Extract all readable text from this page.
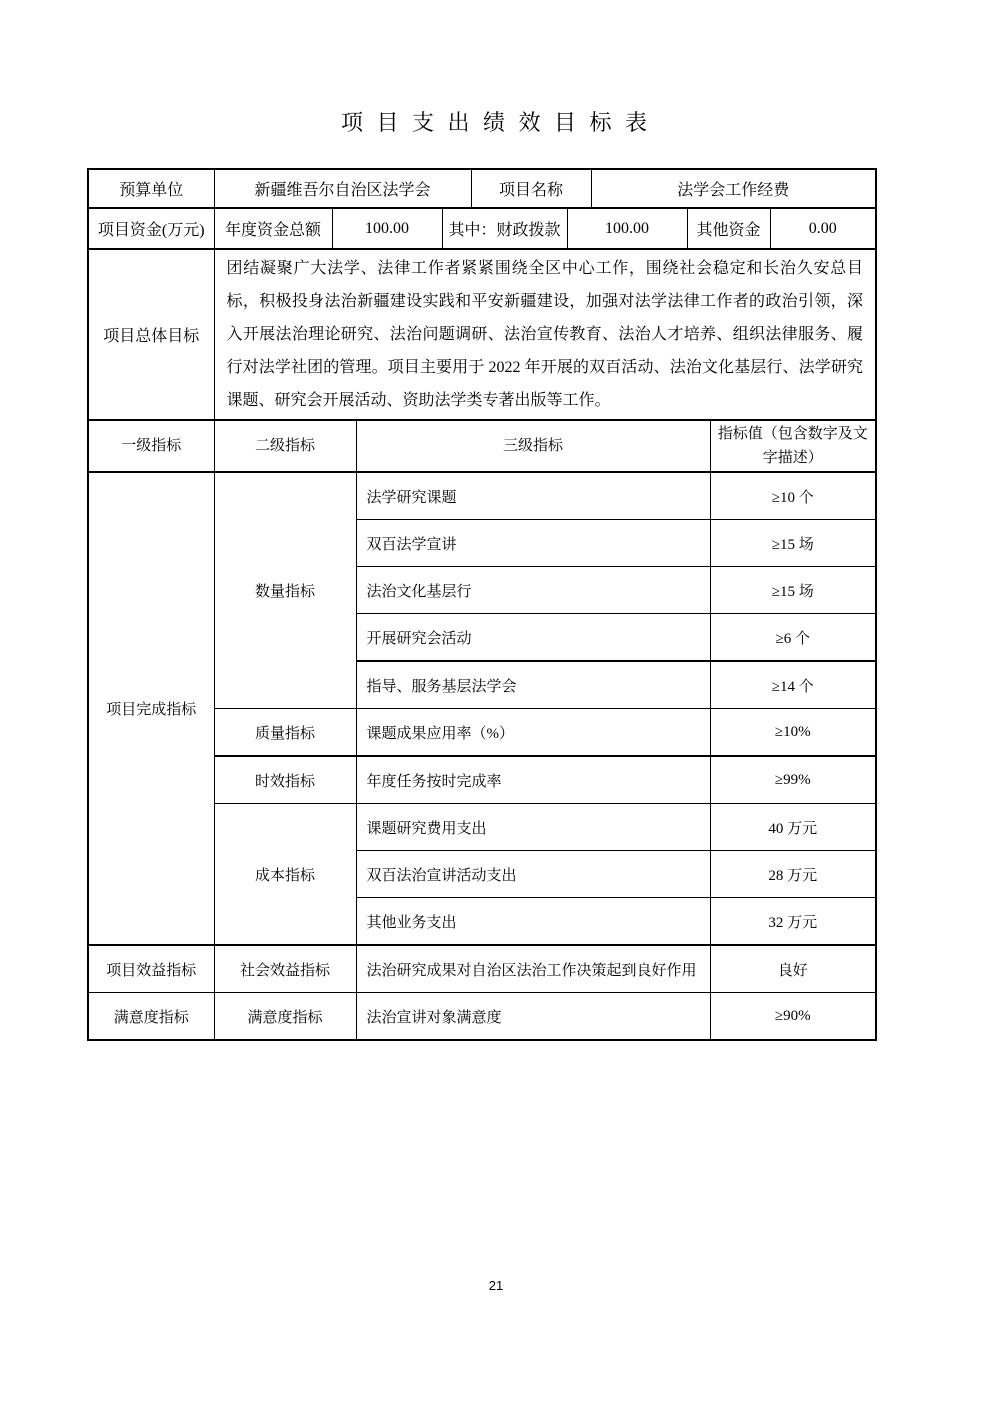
项 目 支 出 绩 效 目 标 表
预算单位	新疆维吾尔自治区法学会			项目名称		法学会工作经费		
项目资金(万元)	年度资金总额	100.00	其中：财政拨款		100.00		其他资金	0.00
项目总体目标	团结凝聚广大法学、法律工作者紧紧围绕全区中心工作，围绕社会稳定和长治久安总目标，积极投身法治新疆建设实践和平安新疆建设，加强对法学法律工作者的政治引领，深入开展法治理论研究、法治问题调研、法治宣传教育、法治人才培养、组织法律服务、履行对法学社团的管理。项目主要用于 2022 年开展的双百活动、法治文化基层行、法学研究课题、研究会开展活动、资助法学类专著出版等工作。							
一级指标	二级指标	三级指标	指标值（包含数字及文字描述）
项目完成指标	数量指标	法学研究课题	≥10 个
		双百法学宣讲	≥15 场
		法治文化基层行	≥15 场
		开展研究会活动	≥6 个
		指导、服务基层法学会	≥14 个
	质量指标	课题成果应用率（%）	≥10%
	时效指标	年度任务按时完成率	≥99%
	成本指标	课题研究费用支出	40 万元
		双百法治宣讲活动支出	28 万元
		其他业务支出	32 万元
项目效益指标	社会效益指标	法治研究成果对自治区法治工作决策起到良好作用	良好
满意度指标	满意度指标	法治宣讲对象满意度	≥90%
21
